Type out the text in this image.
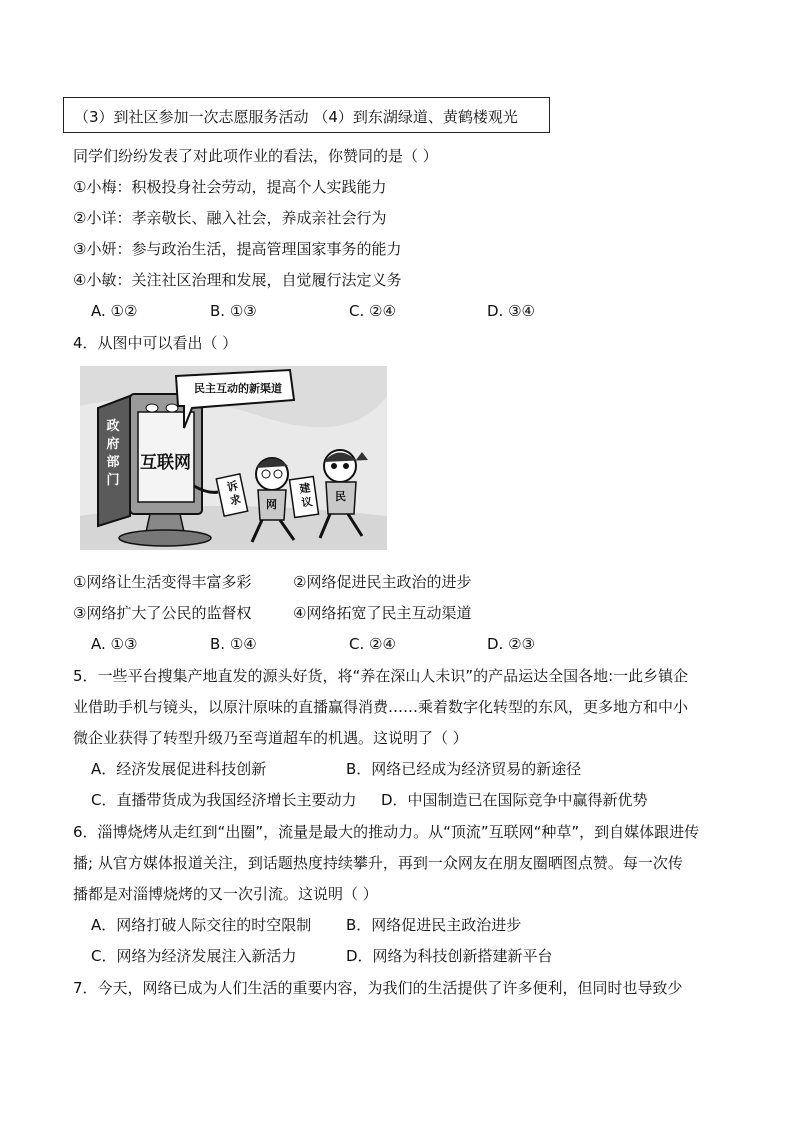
（3）到社区参加一次志愿服务活动 （4）到东湖绿道、黄鹤楼观光
同学们纷纷发表了对此项作业的看法，你赞同的是（ ）
①小梅：积极投身社会劳动，提高个人实践能力
②小详：孝亲敬长、融入社会，养成亲社会行为
③小妍：参与政治生活，提高管理国家事务的能力
④小敏：关注社区治理和发展，自觉履行法定义务
A. ①②	B. ①③	C. ②④	D. ③④
4．从图中可以看出（ ）
民主互动的新渠道
政
府
部
门
互联网
诉
求
建
议
网
民
①网络让生活变得丰富多彩	②网络促进民主政治的进步
③网络扩大了公民的监督权	④网络拓宽了民主互动渠道
A. ①③	B. ①④	C. ②④	D. ②③
5．一些平台搜集产地直发的源头好货，将“养在深山人未识”的产品运达全国各地:一此乡镇企
业借助手机与镜头，以原汁原味的直播赢得消费……乘着数字化转型的东风，更多地方和中小
微企业获得了转型升级乃至弯道超车的机遇。这说明了（ ）
A．经济发展促进科技创新	B．网络已经成为经济贸易的新途径
C．直播带货成为我国经济增长主要动力 D．中国制造已在国际竞争中赢得新优势
6．淄博烧烤从走红到“出圈”，流量是最大的推动力。从“顶流”互联网“种草”，到自媒体跟进传
播; 从官方媒体报道关注，到话题热度持续攀升，再到一众网友在朋友圈晒图点赞。每一次传
播都是对淄博烧烤的又一次引流。这说明（ ）
A．网络打破人际交往的时空限制 B．网络促进民主政治进步
C．网络为经济发展注入新活力	D．网络为科技创新搭建新平台
7．今天，网络已成为人们生活的重要内容，为我们的生活提供了许多便利，但同时也导致少
